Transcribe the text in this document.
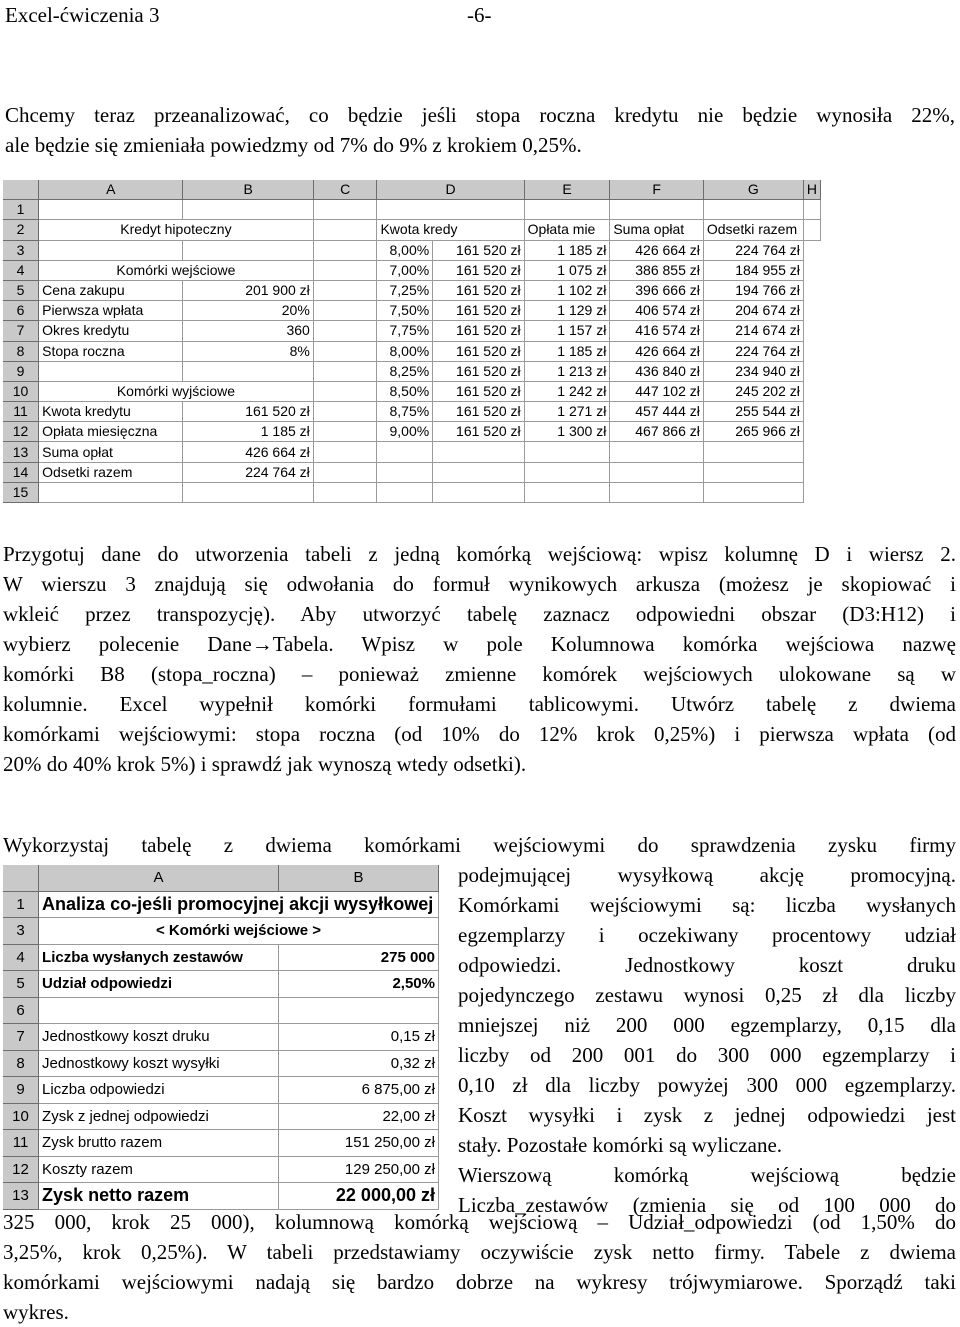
Excel-ćwiczenia 3	-6-
Chcemy teraz przeanalizować, co będzie jeśli stopa roczna kredytu nie będzie wynosiła 22%,
ale będzie się zmieniała powiedzmy od 7% do 9% z krokiem 0,25%.
	A	B	C	D		E	F	G	H
1									
2	Kredyt hipoteczny			Kwota kredy		Opłata mie	Suma opłat	Odsetki razem	
3				8,00%	161 520 zł	1 185 zł	426 664 zł	224 764 zł	
4	Komórki wejściowe			7,00%	161 520 zł	1 075 zł	386 855 zł	184 955 zł	
5	Cena zakupu	201 900 zł		7,25%	161 520 zł	1 102 zł	396 666 zł	194 766 zł	
6	Pierwsza wpłata	20%		7,50%	161 520 zł	1 129 zł	406 574 zł	204 674 zł	
7	Okres kredytu	360		7,75%	161 520 zł	1 157 zł	416 574 zł	214 674 zł	
8	Stopa roczna	8%		8,00%	161 520 zł	1 185 zł	426 664 zł	224 764 zł	
9				8,25%	161 520 zł	1 213 zł	436 840 zł	234 940 zł	
10	Komórki wyjściowe			8,50%	161 520 zł	1 242 zł	447 102 zł	245 202 zł	
11	Kwota kredytu	161 520 zł		8,75%	161 520 zł	1 271 zł	457 444 zł	255 544 zł	
12	Opłata miesięczna	1 185 zł		9,00%	161 520 zł	1 300 zł	467 866 zł	265 966 zł	
13	Suma opłat	426 664 zł							
14	Odsetki razem	224 764 zł							
15									
Przygotuj dane do utworzenia tabeli z jedną komórką wejściową: wpisz kolumnę D i wiersz 2.
W wierszu 3 znajdują się odwołania do formuł wynikowych arkusza (możesz je skopiować i
wkleić przez transpozycję). Aby utworzyć tabelę zaznacz odpowiedni obszar (D3:H12) i
wybierz polecenie Dane→Tabela. Wpisz w pole Kolumnowa komórka wejściowa nazwę
komórki B8 (stopa_roczna) – ponieważ zmienne komórek wejściowych ulokowane są w
kolumnie. Excel wypełnił komórki formułami tablicowymi. Utwórz tabelę z dwiema
komórkami wejściowymi: stopa roczna (od 10% do 12% krok 0,25%) i pierwsza wpłata (od
20% do 40% krok 5%) i sprawdź jak wynoszą wtedy odsetki).
Wykorzystaj tabelę z dwiema komórkami wejściowymi do sprawdzenia zysku firmy
	A	B
1	Analiza co-jeśli promocyjnej akcji wysyłkowej	
3	< Komórki wejściowe >	
4	Liczba wysłanych zestawów	275 000
5	Udział odpowiedzi	2,50%
6		
7	Jednostkowy koszt druku	0,15 zł
8	Jednostkowy koszt wysyłki	0,32 zł
9	Liczba odpowiedzi	6 875,00 zł
10	Zysk z jednej odpowiedzi	22,00 zł
11	Zysk brutto razem	151 250,00 zł
12	Koszty razem	129 250,00 zł
13	Zysk netto razem	22 000,00 zł
podejmującej wysyłkową akcję promocyjną.
Komórkami wejściowymi są: liczba wysłanych
egzemplarzy i oczekiwany procentowy udział
odpowiedzi. Jednostkowy koszt druku
pojedynczego zestawu wynosi 0,25 zł dla liczby
mniejszej niż 200 000 egzemplarzy, 0,15 dla
liczby od 200 001 do 300 000 egzemplarzy i
0,10 zł dla liczby powyżej 300 000 egzemplarzy.
Koszt wysyłki i zysk z jednej odpowiedzi jest
stały. Pozostałe komórki są wyliczane.
Wierszową komórką wejściową będzie
Liczba_zestawów (zmienia się od 100 000 do
325 000, krok 25 000), kolumnową komórką wejściową – Udział_odpowiedzi (od 1,50% do
3,25%, krok 0,25%). W tabeli przedstawiamy oczywiście zysk netto firmy. Tabele z dwiema
komórkami wejściowymi nadają się bardzo dobrze na wykresy trójwymiarowe. Sporządź taki
wykres.
